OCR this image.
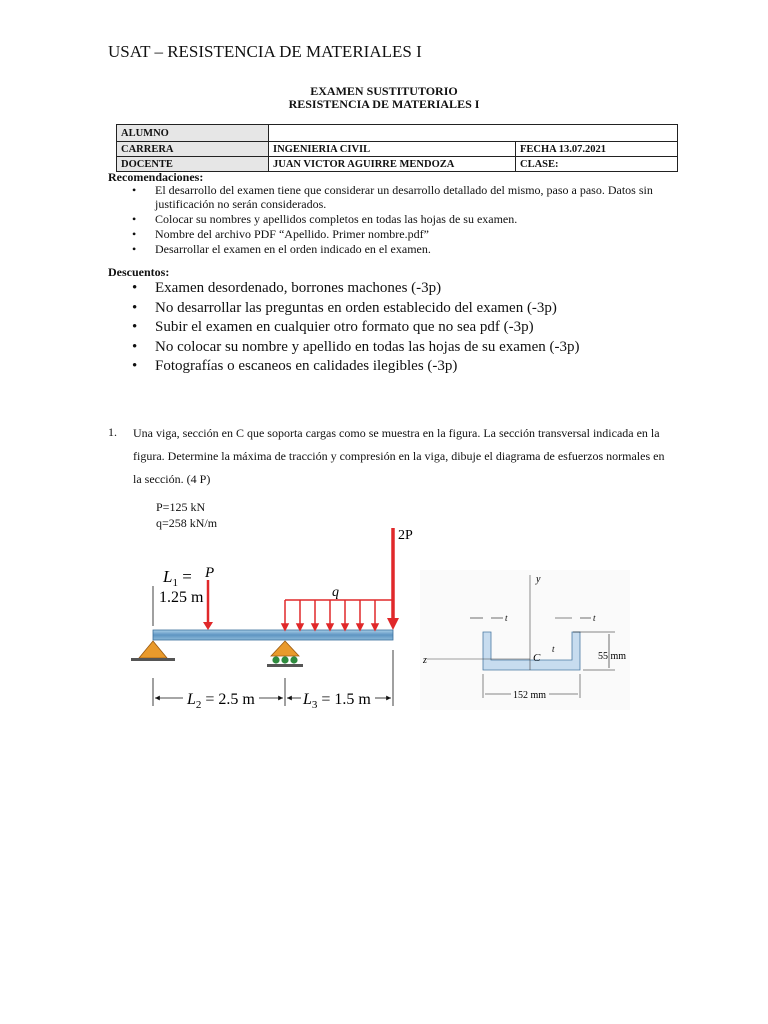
USAT – RESISTENCIA DE MATERIALES I
EXAMEN SUSTITUTORIO
RESISTENCIA DE MATERIALES I
ALUMNO		
CARRERA	INGENIERIA CIVIL	FECHA 13.07.2021
DOCENTE	JUAN VICTOR AGUIRRE MENDOZA	CLASE:
Recomendaciones:
• El desarrollo del examen tiene que considerar un desarrollo detallado del mismo, paso a paso. Datos sin justificación no serán considerados.
• Colocar su nombres y apellidos completos en todas las hojas de su examen.
• Nombre del archivo PDF “Apellido. Primer nombre.pdf”
• Desarrollar el examen en el orden indicado en el examen.
Descuentos:
• Examen desordenado, borrones machones (-3p)
• No desarrollar las preguntas en orden establecido del examen (-3p)
• Subir el examen en cualquier otro formato que no sea pdf (-3p)
• No colocar su nombre y apellido en todas las hojas de su examen (-3p)
• Fotografías o escaneos en calidades ilegibles (-3p)
1. Una viga, sección en C que soporta cargas como se muestra en la figura. La sección transversal indicada en la figura. Determine la máxima de tracción y compresión en la viga, dibuje el diagrama de esfuerzos normales en la sección. (4 P)
P=125 kN
q=258 kN/m
2P
$L_1$ =
1.25 m
P
q
$L_2 = 2.5$ m	$L_3 = 1.5$ m
y
z	C
t	t
t
55 mm
152 mm
